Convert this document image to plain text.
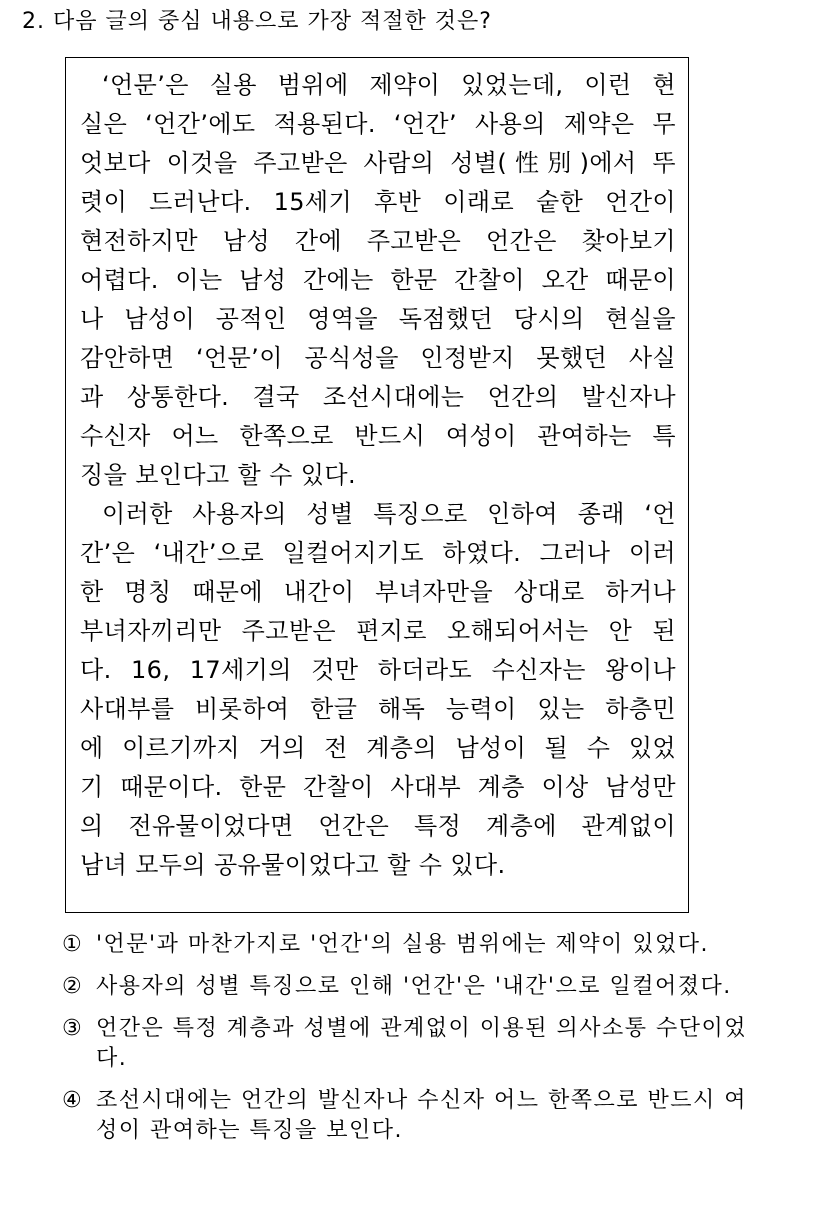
2. 다음 글의 중심 내용으로 가장 적절한 것은?
‘언문’은 실용 범위에 제약이 있었는데, 이런 현
실은 ‘언간’에도 적용된다. ‘언간’ 사용의 제약은 무
엇보다 이것을 주고받은 사람의 성별(性別)에서 뚜
렷이 드러난다. 15세기 후반 이래로 숱한 언간이
현전하지만 남성 간에 주고받은 언간은 찾아보기
어렵다. 이는 남성 간에는 한문 간찰이 오간 때문이
나 남성이 공적인 영역을 독점했던 당시의 현실을
감안하면 ‘언문’이 공식성을 인정받지 못했던 사실
과 상통한다. 결국 조선시대에는 언간의 발신자나
수신자 어느 한쪽으로 반드시 여성이 관여하는 특
징을 보인다고 할 수 있다.
이러한 사용자의 성별 특징으로 인하여 종래 ‘언
간’은 ‘내간’으로 일컬어지기도 하였다. 그러나 이러
한 명칭 때문에 내간이 부녀자만을 상대로 하거나
부녀자끼리만 주고받은 편지로 오해되어서는 안 된
다. 16, 17세기의 것만 하더라도 수신자는 왕이나
사대부를 비롯하여 한글 해독 능력이 있는 하층민
에 이르기까지 거의 전 계층의 남성이 될 수 있었
기 때문이다. 한문 간찰이 사대부 계층 이상 남성만
의 전유물이었다면 언간은 특정 계층에 관계없이
남녀 모두의 공유물이었다고 할 수 있다.
① '언문'과 마찬가지로 '언간'의 실용 범위에는 제약이 있었다.
② 사용자의 성별 특징으로 인해 '언간'은 '내간'으로 일컬어졌다.
③ 언간은 특정 계층과 성별에 관계없이 이용된 의사소통 수단이었다.
④ 조선시대에는 언간의 발신자나 수신자 어느 한쪽으로 반드시 여성이 관여하는 특징을 보인다.
